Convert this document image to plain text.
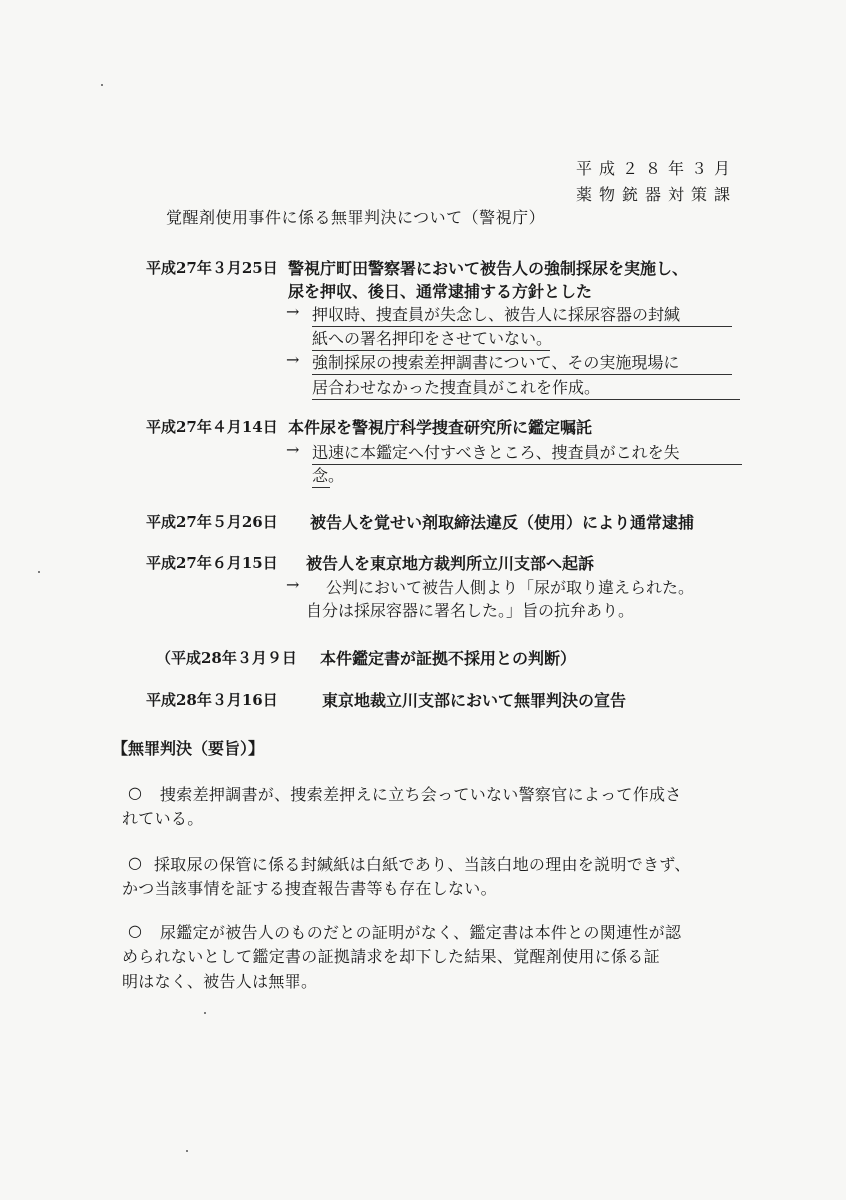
平成２８年３月
薬物銃器対策課
覚醒剤使用事件に係る無罪判決について（警視庁）
平成27年３月25日 警視庁町田警察署において被告人の強制採尿を実施し、
尿を押収、後日、通常逮捕する方針とした
→ 押収時、捜査員が失念し、被告人に採尿容器の封緘
紙への署名押印をさせていない。
→ 強制採尿の捜索差押調書について、その実施現場に
居合わせなかった捜査員がこれを作成。
平成27年４月14日 本件尿を警視庁科学捜査研究所に鑑定嘱託
→ 迅速に本鑑定へ付すべきところ、捜査員がこれを失
念。
平成27年５月26日 被告人を覚せい剤取締法違反（使用）により通常逮捕
平成27年６月15日 被告人を東京地方裁判所立川支部へ起訴
→ 公判において被告人側より「尿が取り違えられた。
自分は採尿容器に署名した。」旨の抗弁あり。
（平成28年３月９日 本件鑑定書が証拠不採用との判断）
平成28年３月16日	東京地裁立川支部において無罪判決の宣告
【無罪判決（要旨）】
○ 捜索差押調書が、捜索差押えに立ち会っていない警察官によって作成さ
れている。
○ 採取尿の保管に係る封緘紙は白紙であり、当該白地の理由を説明できず、
かつ当該事情を証する捜査報告書等も存在しない。
○ 尿鑑定が被告人のものだとの証明がなく、鑑定書は本件との関連性が認
められないとして鑑定書の証拠請求を却下した結果、覚醒剤使用に係る証
明はなく、被告人は無罪。
